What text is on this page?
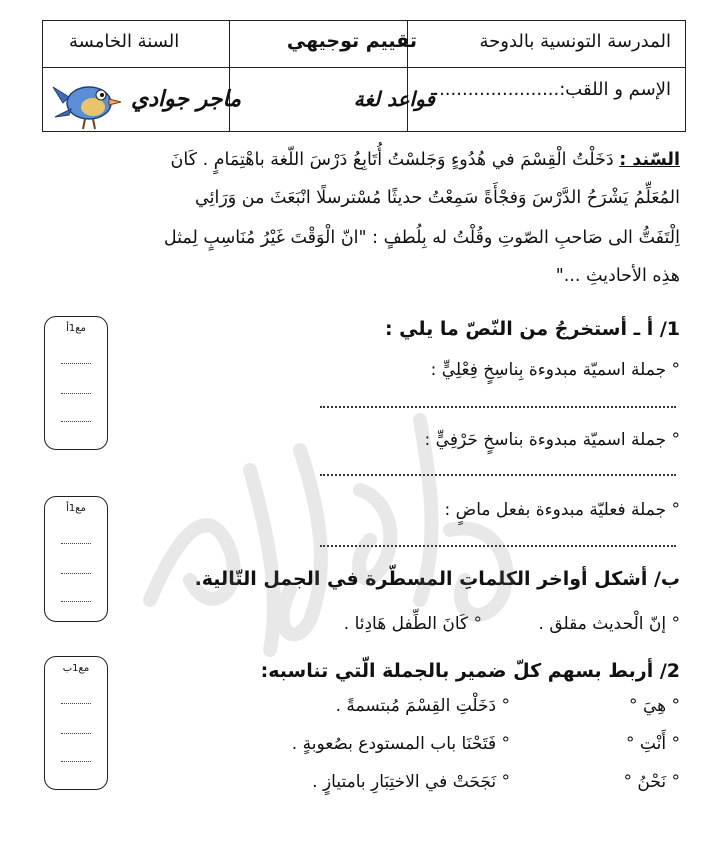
المدرسة التونسية بالدوحة
تقييم توجيهي
السنة الخامسة
الإسم و اللقب:......................
قواعد لغة
ماجر جوادي
السّند : دَخَلْتُ الْقِسْمَ في هُدُوءٍ وَجَلسْتُ أُتَابِعُ دَرْسَ اللّغة باهْتِمَامٍ . كَانَ
المُعَلِّمُ يَشْرَحُ الدَّرْسَ وَفجْأَةً سَمِعْتُ حديثًا مُسْترسلًا انْبَعَثَ من وَرَائِي
اِلْتَفَتُّ الى صَاحبِ الصّوتِ وقُلْتُ له بِلُطفٍ : "انّ الْوَقْتَ غَيْرُ مُنَاسِبٍ لِمثل
هذِه الأحاديثِ ..."
1/ أ ـ أستخرجُ من النّصّ ما يلي :
° جملة اسميّة مبدوءة بِناسِخٍ فِعْلِيٍّ :
° جملة اسميّة مبدوءة بناسخٍ حَرْفِيٍّ :
° جملة فعليّة مبدوءة بفعل ماضٍ :
ب/ أشكل أواخر الكلماتِ المسطّرة في الجمل التّالية.
° إنّ الْحديث مقلق .
° كَانَ الطِّفل هَادِئا .
2/ أربط بسهم كلّ ضمير بالجملة الّتي تناسبه:
° هِيَ °
° دَخَلْتِ القِسْمَ مُبتسمةً .
° أَنْتِ °
° فَتَحْنَا باب المستودع بصُعوبةٍ .
° نَحْنُ °
° نَجَحَتْ في الاختِبَارِ بامتيازٍ .
مع1أ
مع1أ
مع1ب
